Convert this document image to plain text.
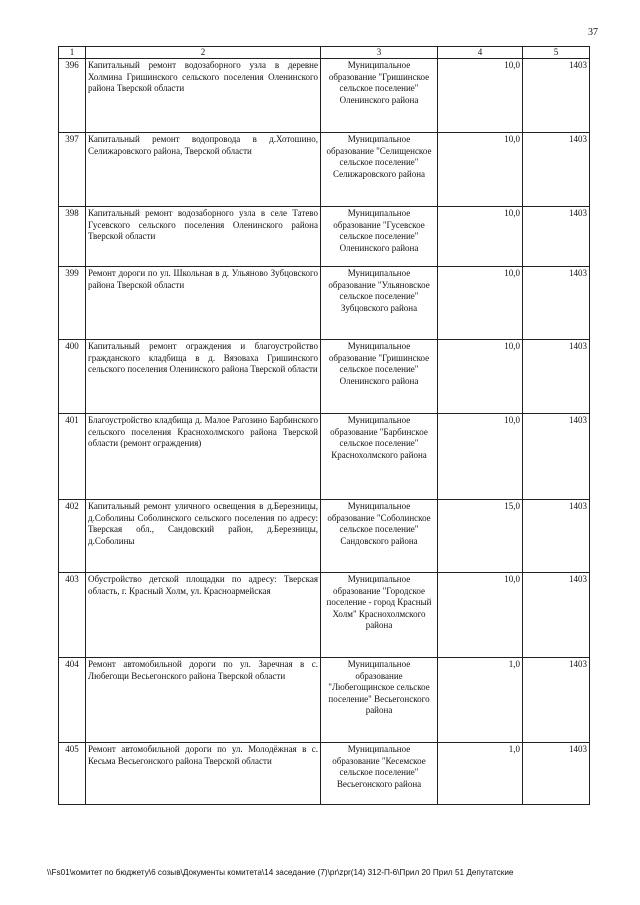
37
1	2	3	4	5
396	Капитальный ремонт водозаборного узла в деревне Холмина Гришинского сельского поселения Оленинского района Тверской области	Муниципальное образование "Гришинское сельское поселение" Оленинского района	10,0	1403
397	Капитальный ремонт водопровода в д.Хотошино, Селижаровского района, Тверской области	Муниципальное образование "Селищенское сельское поселение" Селижаровского района	10,0	1403
398	Капитальный ремонт водозаборного узла в селе Татево Гусевского сельского поселения Оленинского района Тверской области	Муниципальное образование "Гусевское сельское поселение" Оленинского района	10,0	1403
399	Ремонт дороги по ул. Школьная в д. Ульяново Зубцовского района Тверской области	Муниципальное образование "Ульяновское сельское поселение" Зубцовского района	10,0	1403
400	Капитальный ремонт ограждения и благоустройство гражданского кладбища в д. Вязоваха Гришинского сельского поселения Оленинского района Тверской области	Муниципальное образование "Гришинское сельское поселение" Оленинского района	10,0	1403
401	Благоустройство кладбища д. Малое Рагозино Барбинского сельского поселения Краснохолмского района Тверской области (ремонт ограждения)	Муниципальное образование "Барбинское сельское поселение" Краснохолмского района	10,0	1403
402	Капитальный ремонт уличного освещения в д.Березницы, д.Соболины Соболинского сельского поселения по адресу: Тверская обл., Сандовский район, д.Березницы, д.Соболины	Муниципальное образование "Соболинское сельское поселение" Сандовского района	15,0	1403
403	Обустройство детской площадки по адресу: Тверская область, г. Красный Холм, ул. Красноармейская	Муниципальное образование "Городское поселение - город Красный Холм" Краснохолмского района	10,0	1403
404	Ремонт автомобильной дороги по ул. Заречная в с. Любегощи Весьегонского района Тверской области	Муниципальное образование "Любегощинское сельское поселение" Весьегонского района	1,0	1403
405	Ремонт автомобильной дороги по ул. Молодёжная в с. Кесьма Весьегонского района Тверской области	Муниципальное образование "Кесемское сельское поселение" Весьегонского района	1,0	1403
\\Fs01\комитет по бюджету\6 созыв\Документы комитета\14 заседание (7)\pr\zpr(14) 312-П-6\Прил 20 Прил 51 Депутатские
